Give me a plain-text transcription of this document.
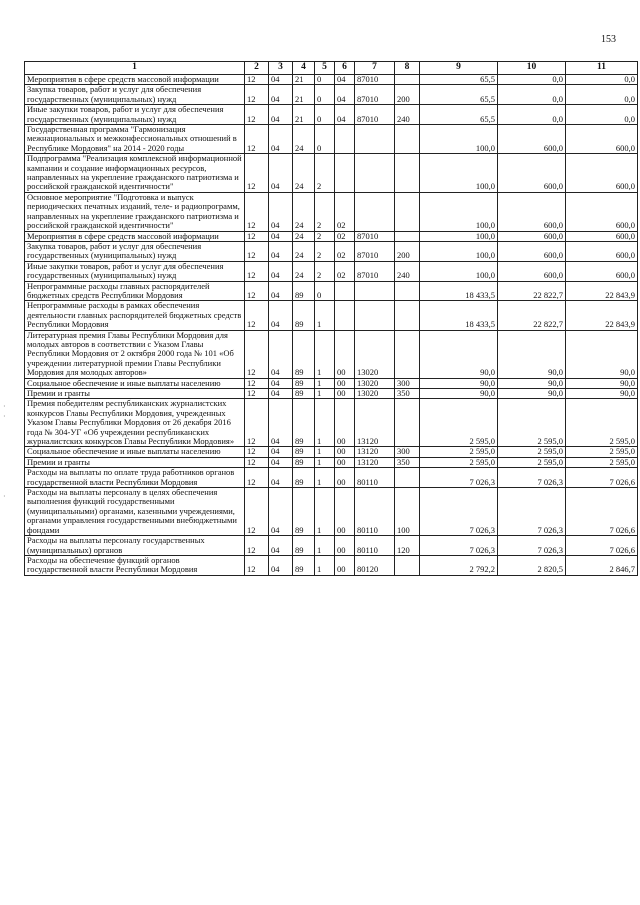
153
1	2	3	4	5	6	7	8	9	10	11
Мероприятия в сфере средств массовой информации	12	04	21	0	04	87010		65,5	0,0	0,0
Закупка товаров, работ и услуг для обеспечения государственных (муниципальных) нужд	12	04	21	0	04	87010	200	65,5	0,0	0,0
Иные закупки товаров, работ и услуг для обеспечения государственных (муниципальных) нужд	12	04	21	0	04	87010	240	65,5	0,0	0,0
Государственная программа "Гармонизация межнациональных и межконфессиональных отношений в Республике Мордовия" на 2014 - 2020 годы	12	04	24	0				100,0	600,0	600,0
Подпрограмма "Реализация комплексной информационной кампании и создание информационных ресурсов, направленных на укрепление гражданского патриотизма и российской гражданской идентичности"	12	04	24	2				100,0	600,0	600,0
Основное мероприятие "Подготовка и выпуск периодических печатных изданий, теле- и радиопрограмм, направленных на укрепление гражданского патриотизма и российской гражданской идентичности"	12	04	24	2	02			100,0	600,0	600,0
Мероприятия в сфере средств массовой информации	12	04	24	2	02	87010		100,0	600,0	600,0
Закупка товаров, работ и услуг для обеспечения государственных (муниципальных) нужд	12	04	24	2	02	87010	200	100,0	600,0	600,0
Иные закупки товаров, работ и услуг для обеспечения государственных (муниципальных) нужд	12	04	24	2	02	87010	240	100,0	600,0	600,0
Непрограммные расходы главных распорядителей бюджетных средств Республики Мордовия	12	04	89	0				18 433,5	22 822,7	22 843,9
Непрограммные расходы в рамках обеспечения деятельности главных распорядителей бюджетных средств Республики Мордовия	12	04	89	1				18 433,5	22 822,7	22 843,9
Литературная премия Главы Республики Мордовия для молодых авторов в соответствии с Указом Главы Республики Мордовия от 2 октября 2000 года № 101 «Об учреждении литературной премии Главы Республики Мордовия для молодых авторов»	12	04	89	1	00	13020		90,0	90,0	90,0
Социальное обеспечение и иные выплаты населению	12	04	89	1	00	13020	300	90,0	90,0	90,0
Премии и гранты	12	04	89	1	00	13020	350	90,0	90,0	90,0
Премия победителям республиканских журналистских конкурсов Главы Республики Мордовия, учрежденных Указом Главы Республики Мордовия от 26 декабря 2016 года № 304-УГ «Об учреждении республиканских журналистских конкурсов Главы Республики Мордовия»	12	04	89	1	00	13120		2 595,0	2 595,0	2 595,0
Социальное обеспечение и иные выплаты населению	12	04	89	1	00	13120	300	2 595,0	2 595,0	2 595,0
Премии и гранты	12	04	89	1	00	13120	350	2 595,0	2 595,0	2 595,0
Расходы на выплаты по оплате труда работников органов государственной власти Республики Мордовия	12	04	89	1	00	80110		7 026,3	7 026,3	7 026,6
Расходы на выплаты персоналу в целях обеспечения выполнения функций государственными (муниципальными) органами, казенными учреждениями, органами управления государственными внебюджетными фондами	12	04	89	1	00	80110	100	7 026,3	7 026,3	7 026,6
Расходы на выплаты персоналу государственных (муниципальных) органов	12	04	89	1	00	80110	120	7 026,3	7 026,3	7 026,6
Расходы на обеспечение функций органов государственной власти Республики Мордовия	12	04	89	1	00	80120		2 792,2	2 820,5	2 846,7
·
·
·
